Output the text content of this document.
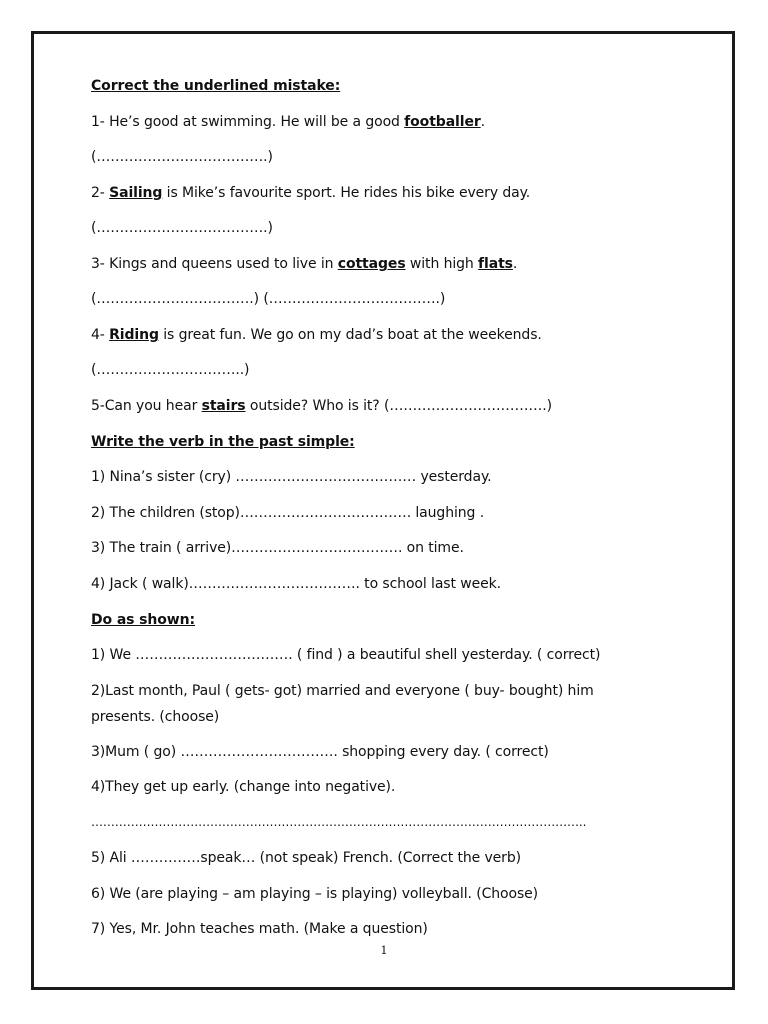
Correct the underlined mistake:
1- He’s good at swimming. He will be a good footballer.
(……………………………….)
2- Sailing is Mike’s favourite sport. He rides his bike every day.
(……………………………….)
3- Kings and queens used to live in cottages with high flats.
(…………………………….) (……………………………….)
4- Riding is great fun. We go on my dad’s boat at the weekends.
(…………………………..)
5-Can you hear stairs outside? Who is it? (…………………………….)
Write the verb in the past simple:
1) Nina’s sister (cry) ………………………………… yesterday.
2) The children (stop)………………………………. laughing .
3) The train ( arrive)………………………………. on time.
4) Jack ( walk)………………………………. to school last week.
Do as shown:
1) We ……………………………. ( find ) a beautiful shell yesterday. ( correct)
2)Last month, Paul ( gets- got) married and everyone ( buy- bought) him presents. (choose)
3)Mum ( go) ……………………………. shopping every day. ( correct)
4)They get up early. (change into negative).
……………………………………………………………………………………………………………..
5) Ali ……………speak… (not speak) French. (Correct the verb)
6) We (are playing – am playing – is playing) volleyball. (Choose)
7) Yes, Mr. John teaches math. (Make a question)
1
